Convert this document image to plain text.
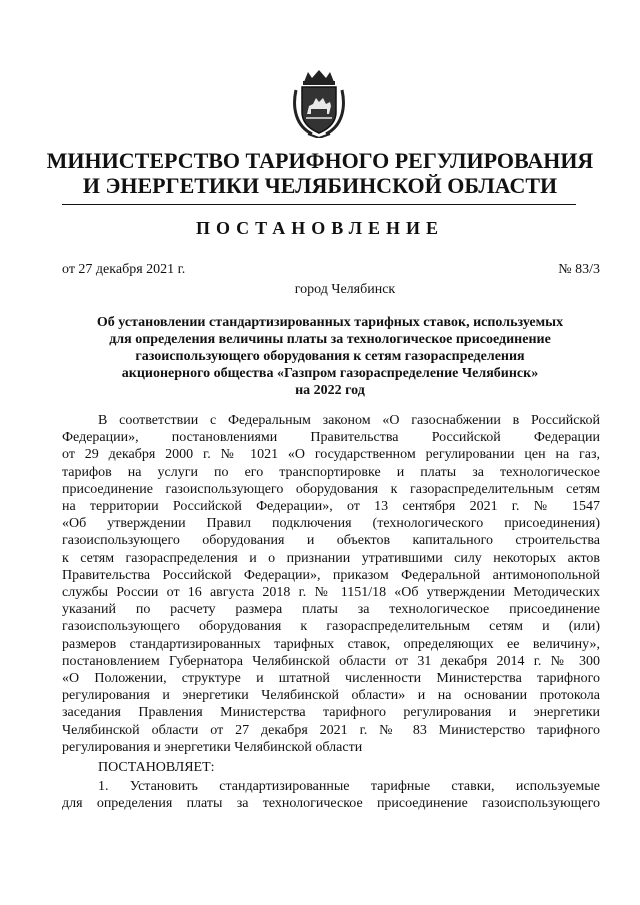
МИНИСТЕРСТВО ТАРИФНОГО РЕГУЛИРОВАНИЯ
И ЭНЕРГЕТИКИ ЧЕЛЯБИНСКОЙ ОБЛАСТИ
ПОСТАНОВЛЕНИЕ
от 27 декабря 2021 г.	№ 83/3
город Челябинск
Об установлении стандартизированных тарифных ставок, используемых
для определения величины платы за технологическое присоединение
газоиспользующего оборудования к сетям газораспределения
акционерного общества «Газпром газораспределение Челябинск»
на 2022 год
В соответствии с Федеральным законом «О газоснабжении в Российской
Федерации», постановлениями Правительства Российской Федерации
от 29 декабря 2000 г. № 1021 «О государственном регулировании цен на газ,
тарифов на услуги по его транспортировке и платы за технологическое
присоединение газоиспользующего оборудования к газораспределительным сетям
на территории Российской Федерации», от 13 сентября 2021 г. № 1547
«Об утверждении Правил подключения (технологического присоединения)
газоиспользующего оборудования и объектов капитального строительства
к сетям газораспределения и о признании утратившими силу некоторых актов
Правительства Российской Федерации», приказом Федеральной антимонопольной
службы России от 16 августа 2018 г. № 1151/18 «Об утверждении Методических
указаний по расчету размера платы за технологическое присоединение
газоиспользующего оборудования к газораспределительным сетям и (или)
размеров стандартизированных тарифных ставок, определяющих ее величину»,
постановлением Губернатора Челябинской области от 31 декабря 2014 г. № 300
«О Положении, структуре и штатной численности Министерства тарифного
регулирования и энергетики Челябинской области» и на основании протокола
заседания Правления Министерства тарифного регулирования и энергетики
Челябинской области от 27 декабря 2021 г. № 83 Министерство тарифного
регулирования и энергетики Челябинской области
ПОСТАНОВЛЯЕТ:
1. Установить стандартизированные тарифные ставки, используемые
для определения платы за технологическое присоединение газоиспользующего
